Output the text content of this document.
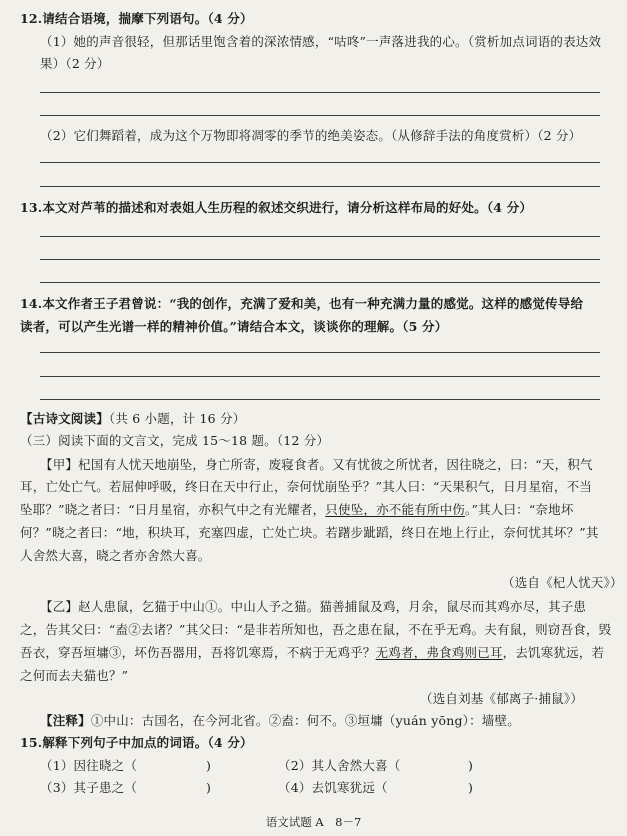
12.请结合语境，揣摩下列语句。（4 分）
（1）她的声音很轻，但那话里饱含着的深浓情感，“咕咚”一声落进我的心。（赏析加点词语的表达效
果）（2 分）
（2）它们舞蹈着，成为这个万物即将凋零的季节的绝美姿态。（从修辞手法的角度赏析）（2 分）
13.本文对芦苇的描述和对表姐人生历程的叙述交织进行，请分析这样布局的好处。（4 分）
14.本文作者王子君曾说：“我的创作，充满了爱和美，也有一种充满力量的感觉。这样的感觉传导给
读者，可以产生光谱一样的精神价值。”请结合本文，谈谈你的理解。（5 分）
【古诗文阅读】（共 6 小题，计 16 分）
（三）阅读下面的文言文，完成 15～18 题。（12 分）
【甲】杞国有人忧天地崩坠，身亡所寄，废寝食者。又有忧彼之所忧者，因往晓之，曰：“天，积气
耳，亡处亡气。若屈伸呼吸，终日在天中行止，奈何忧崩坠乎？”其人曰：“天果积气，日月星宿，不当
坠耶？”晓之者曰：“日月星宿，亦积气中之有光耀者，只使坠，亦不能有所中伤。”其人曰：“奈地坏
何？”晓之者曰：“地，积块耳，充塞四虚，亡处亡块。若躇步跐蹈，终日在地上行止，奈何忧其坏？”其
人舍然大喜，晓之者亦舍然大喜。
（选自《杞人忧天》）
【乙】赵人患鼠，乞猫于中山①。中山人予之猫。猫善捕鼠及鸡，月余，鼠尽而其鸡亦尽，其子患
之，告其父曰：“盍②去诸？”其父曰：“是非若所知也，吾之患在鼠，不在乎无鸡。夫有鼠，则窃吾食，毁
吾衣，穿吾垣墉③，坏伤吾器用，吾将饥寒焉，不病于无鸡乎？无鸡者，弗食鸡则已耳，去饥寒犹远，若
之何而去夫猫也？”
（选自刘基《郁离子·捕鼠》）
【注释】①中山：古国名，在今河北省。②盍：何不。③垣墉（yuán yōng）：墙壁。
15.解释下列句子中加点的词语。（4 分）
（1）因往晓之（	)	（2）其人舍然大喜（	)
（3）其子患之（	)	（4）去饥寒犹远（	)
语文试题 A　8－7
